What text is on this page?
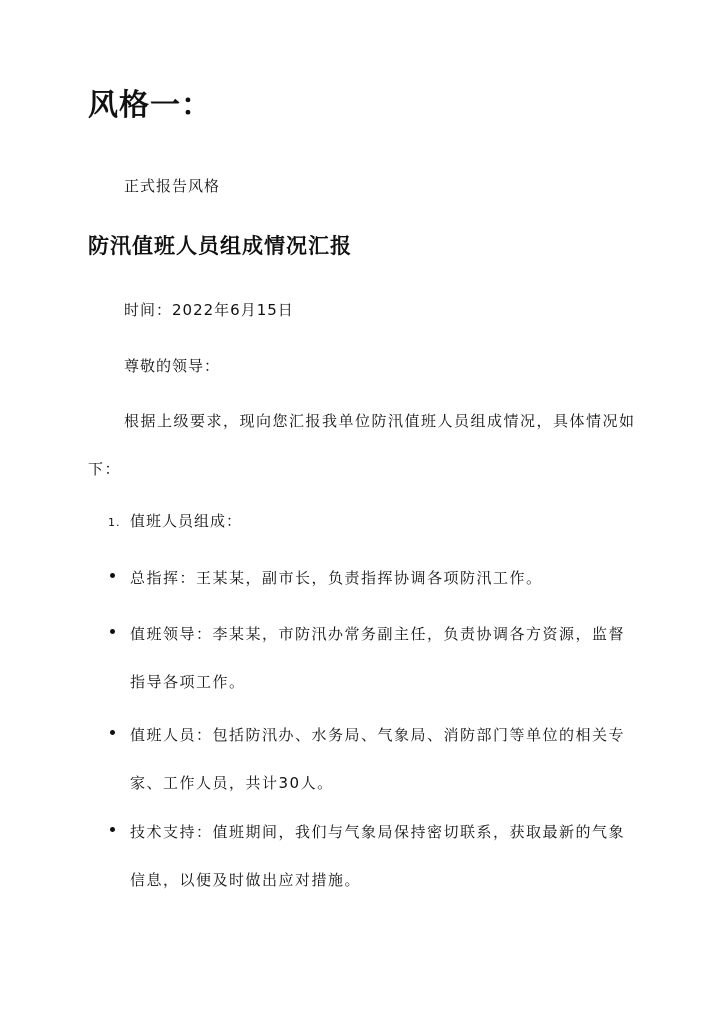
风格一：
正式报告风格
防汛值班人员组成情况汇报
时间：2022年6月15日
尊敬的领导：
根据上级要求，现向您汇报我单位防汛值班人员组成情况，具体情况如下：
1. 值班人员组成：
总指挥：王某某，副市长，负责指挥协调各项防汛工作。
值班领导：李某某，市防汛办常务副主任，负责协调各方资源，监督指导各项工作。
值班人员：包括防汛办、水务局、气象局、消防部门等单位的相关专家、工作人员，共计30人。
技术支持：值班期间，我们与气象局保持密切联系，获取最新的气象信息，以便及时做出应对措施。
